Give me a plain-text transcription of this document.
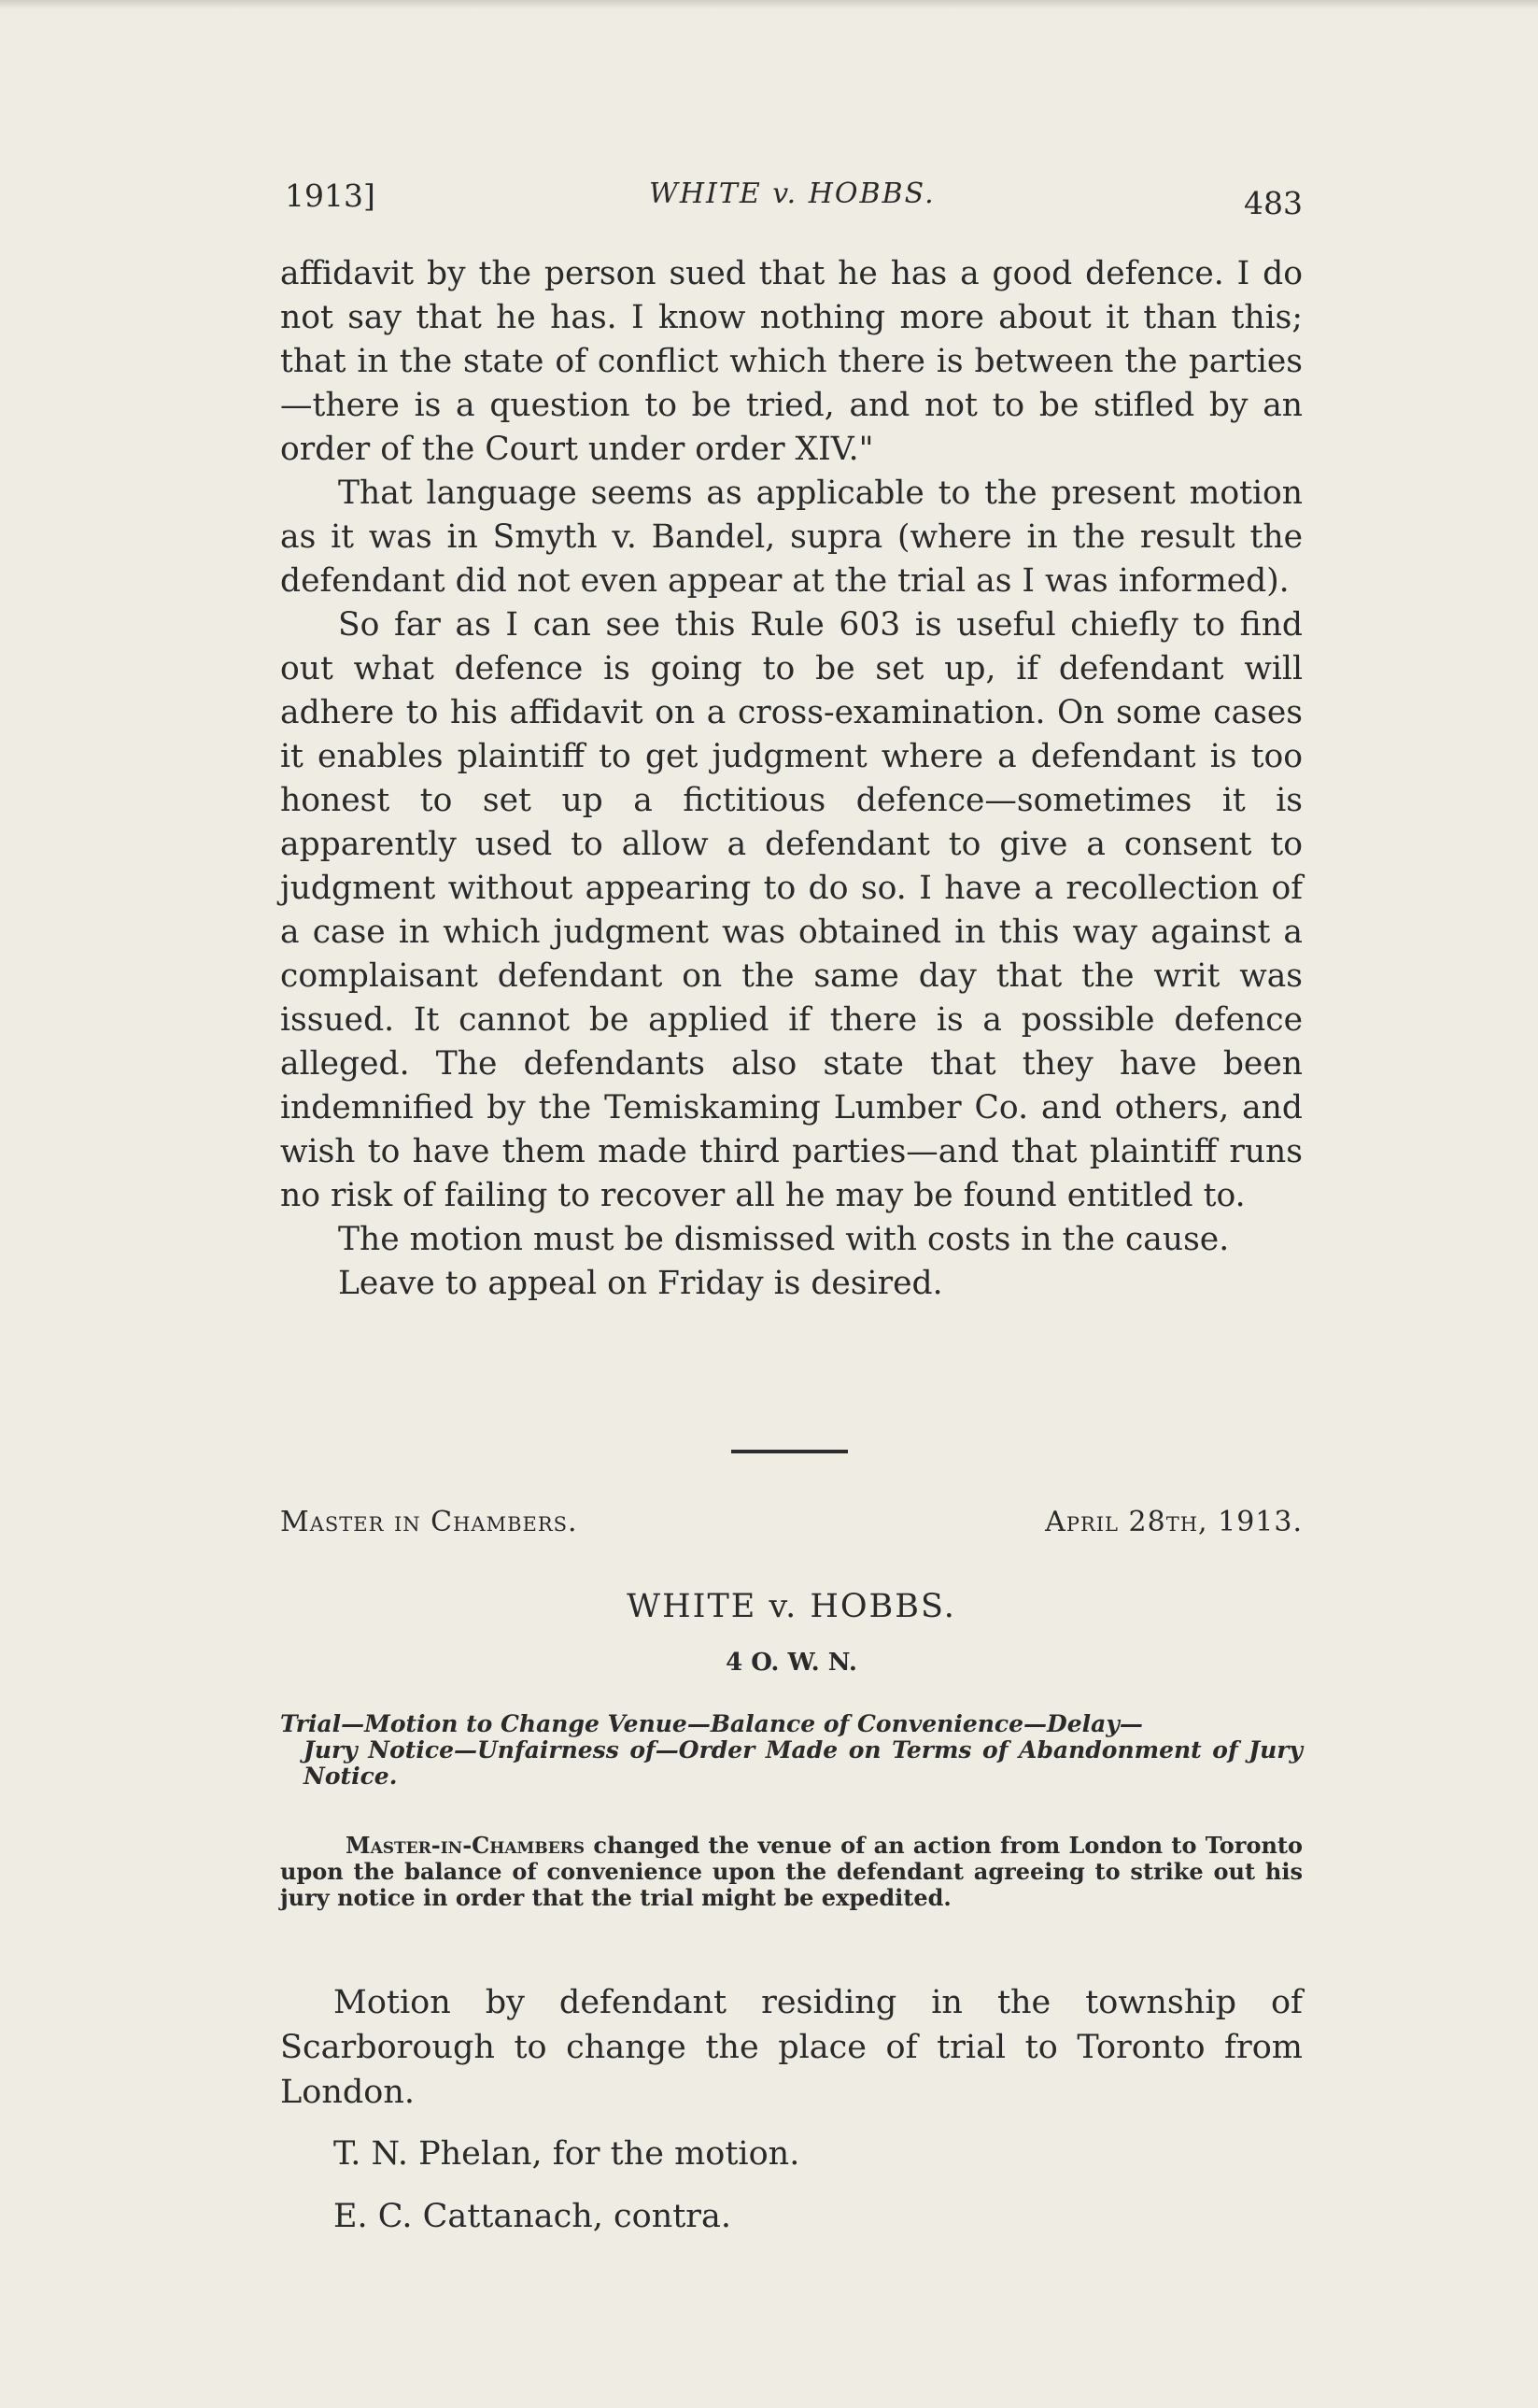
1913]	WHITE v. HOBBS.	483

affidavit by the person sued that he has a good defence. I do not say that he has. I know nothing more about it than this; that in the state of conflict which there is between the parties—there is a question to be tried, and not to be stifled by an order of the Court under order XIV."

That language seems as applicable to the present motion as it was in Smyth v. Bandel, supra (where in the result the defendant did not even appear at the trial as I was informed).

So far as I can see this Rule 603 is useful chiefly to find out what defence is going to be set up, if defendant will adhere to his affidavit on a cross-examination. On some cases it enables plaintiff to get judgment where a defendant is too honest to set up a fictitious defence—sometimes it is apparently used to allow a defendant to give a consent to judgment without appearing to do so. I have a recollection of a case in which judgment was obtained in this way against a complaisant defendant on the same day that the writ was issued. It cannot be applied if there is a possible defence alleged. The defendants also state that they have been indemnified by the Temiskaming Lumber Co. and others, and wish to have them made third parties—and that plaintiff runs no risk of failing to recover all he may be found entitled to.

The motion must be dismissed with costs in the cause.

Leave to appeal on Friday is desired.

Master in Chambers.	April 28th, 1913.
WHITE v. HOBBS.
4 O. W. N.
Trial—Motion to Change Venue—Balance of Convenience—Delay—
Jury Notice—Unfairness of—Order Made on Terms of Abandonment of Jury Notice.
Master-in-Chambers changed the venue of an action from London to Toronto upon the balance of convenience upon the defendant agreeing to strike out his jury notice in order that the trial might be expedited.

Motion by defendant residing in the township of Scarborough to change the place of trial to Toronto from London.

T. N. Phelan, for the motion.

E. C. Cattanach, contra.
